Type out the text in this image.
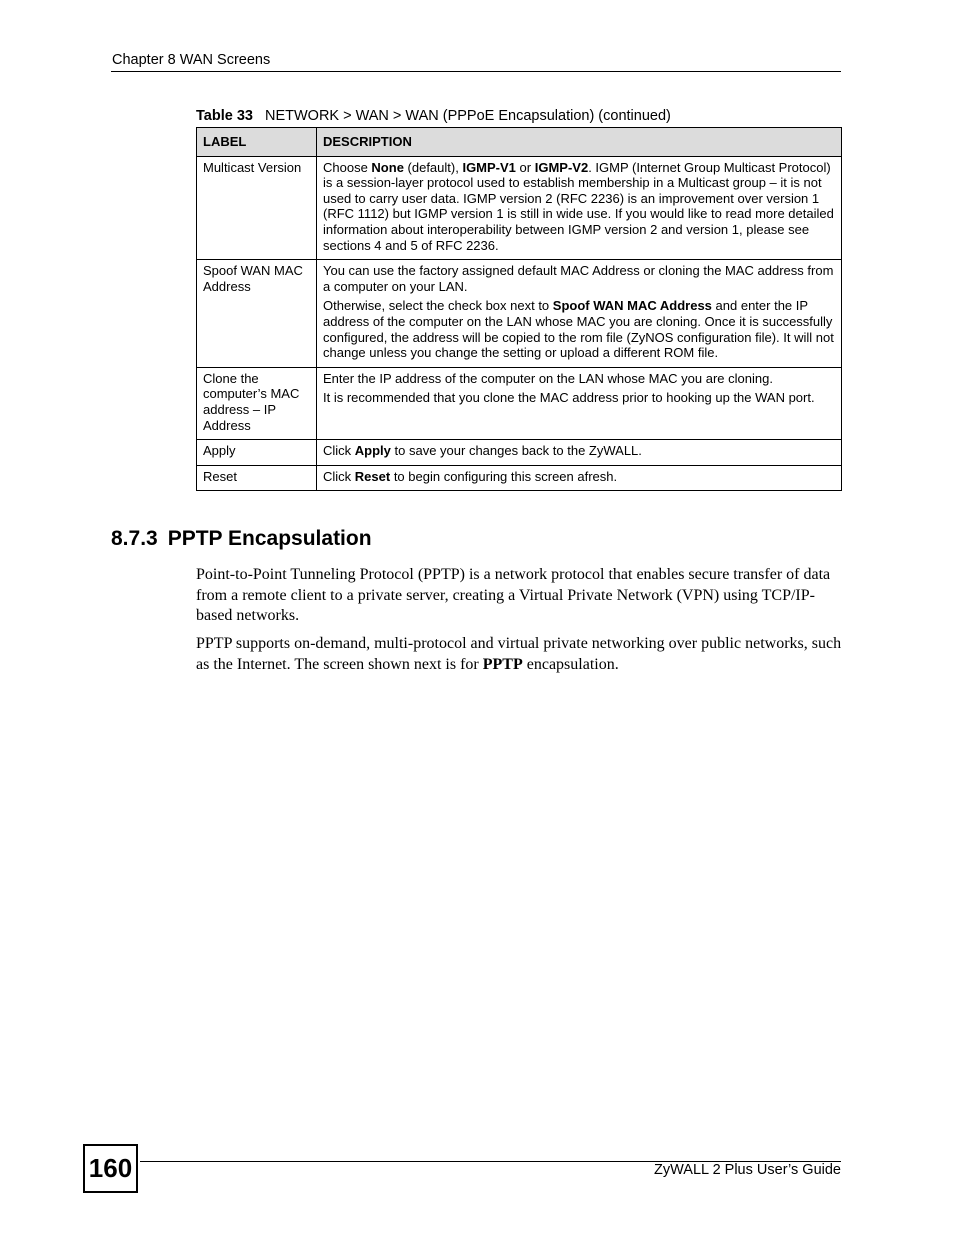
Chapter 8 WAN Screens
Table 33 NETWORK > WAN > WAN (PPPoE Encapsulation) (continued)
LABEL	DESCRIPTION
Multicast Version	Choose None (default), IGMP-V1 or IGMP-V2. IGMP (Internet Group Multicast Protocol) is a session-layer protocol used to establish membership in a Multicast group – it is not used to carry user data. IGMP version 2 (RFC 2236) is an improvement over version 1 (RFC 1112) but IGMP version 1 is still in wide use. If you would like to read more detailed information about interoperability between IGMP version 2 and version 1, please see sections 4 and 5 of RFC 2236.

Spoof WAN MAC Address	You can use the factory assigned default MAC Address or cloning the MAC address from a computer on your LAN.

Otherwise, select the check box next to Spoof WAN MAC Address and enter the IP address of the computer on the LAN whose MAC you are cloning. Once it is successfully configured, the address will be copied to the rom file (ZyNOS configuration file). It will not change unless you change the setting or upload a different ROM file.

Clone the computer’s MAC address – IP Address	Enter the IP address of the computer on the LAN whose MAC you are cloning.

It is recommended that you clone the MAC address prior to hooking up the WAN port.

Apply	Click Apply to save your changes back to the ZyWALL.

Reset	Click Reset to begin configuring this screen afresh.

8.7.3 PPTP Encapsulation
Point-to-Point Tunneling Protocol (PPTP) is a network protocol that enables secure transfer of data from a remote client to a private server, creating a Virtual Private Network (VPN) using TCP/IP-based networks.
PPTP supports on-demand, multi-protocol and virtual private networking over public networks, such as the Internet. The screen shown next is for PPTP encapsulation.
160	ZyWALL 2 Plus User’s Guide
